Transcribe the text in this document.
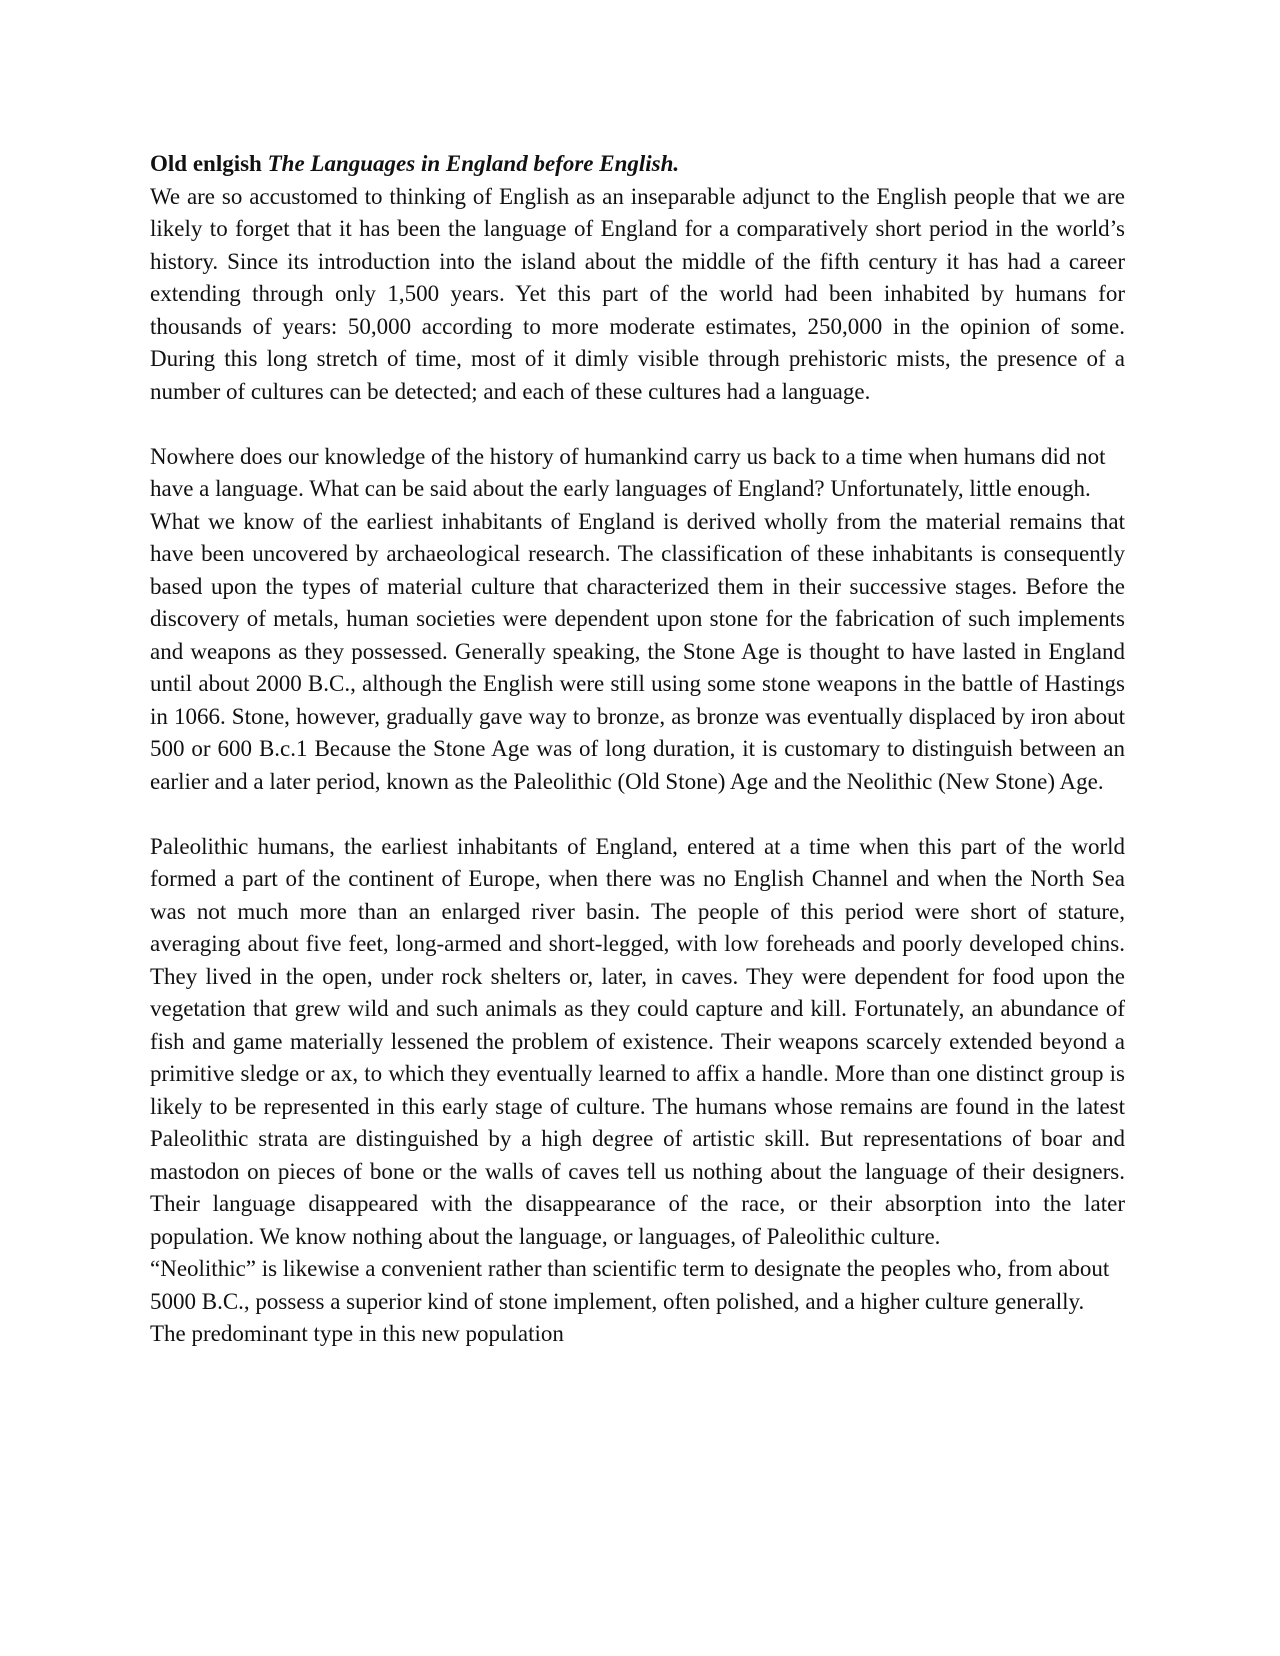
Old enlgish The Languages in England before English.

We are so accustomed to thinking of English as an inseparable adjunct to the English people that we are likely to forget that it has been the language of England for a comparatively short period in the world’s history. Since its introduction into the island about the middle of the fifth century it has had a career extending through only 1,500 years. Yet this part of the world had been inhabited by humans for thousands of years: 50,000 according to more moderate estimates, 250,000 in the opinion of some. During this long stretch of time, most of it dimly visible through prehistoric mists, the presence of a number of cultures can be detected; and each of these cultures had a language.

Nowhere does our knowledge of the history of humankind carry us back to a time when humans did not have a language. What can be said about the early languages of England? Unfortunately, little enough.

What we know of the earliest inhabitants of England is derived wholly from the material remains that have been uncovered by archaeological research. The classification of these inhabitants is consequently based upon the types of material culture that characterized them in their successive stages. Before the discovery of metals, human societies were dependent upon stone for the fabrication of such implements and weapons as they possessed. Generally speaking, the Stone Age is thought to have lasted in England until about 2000 B.C., although the English were still using some stone weapons in the battle of Hastings in 1066. Stone, however, gradually gave way to bronze, as bronze was eventually displaced by iron about 500 or 600 B.c.1 Because the Stone Age was of long duration, it is customary to distinguish between an earlier and a later period, known as the Paleolithic (Old Stone) Age and the Neolithic (New Stone) Age.

Paleolithic humans, the earliest inhabitants of England, entered at a time when this part of the world formed a part of the continent of Europe, when there was no English Channel and when the North Sea was not much more than an enlarged river basin. The people of this period were short of stature, averaging about five feet, long-armed and short-legged, with low foreheads and poorly developed chins. They lived in the open, under rock shelters or, later, in caves. They were dependent for food upon the vegetation that grew wild and such animals as they could capture and kill. Fortunately, an abundance of fish and game materially lessened the problem of existence. Their weapons scarcely extended beyond a primitive sledge or ax, to which they eventually learned to affix a handle. More than one distinct group is likely to be represented in this early stage of culture. The humans whose remains are found in the latest Paleolithic strata are distinguished by a high degree of artistic skill. But representations of boar and mastodon on pieces of bone or the walls of caves tell us nothing about the language of their designers. Their language disappeared with the disappearance of the race, or their absorption into the later population. We know nothing about the language, or languages, of Paleolithic culture.

“Neolithic” is likewise a convenient rather than scientific term to designate the peoples who, from about 5000 B.C., possess a superior kind of stone implement, often polished, and a higher culture generally. The predominant type in this new population
